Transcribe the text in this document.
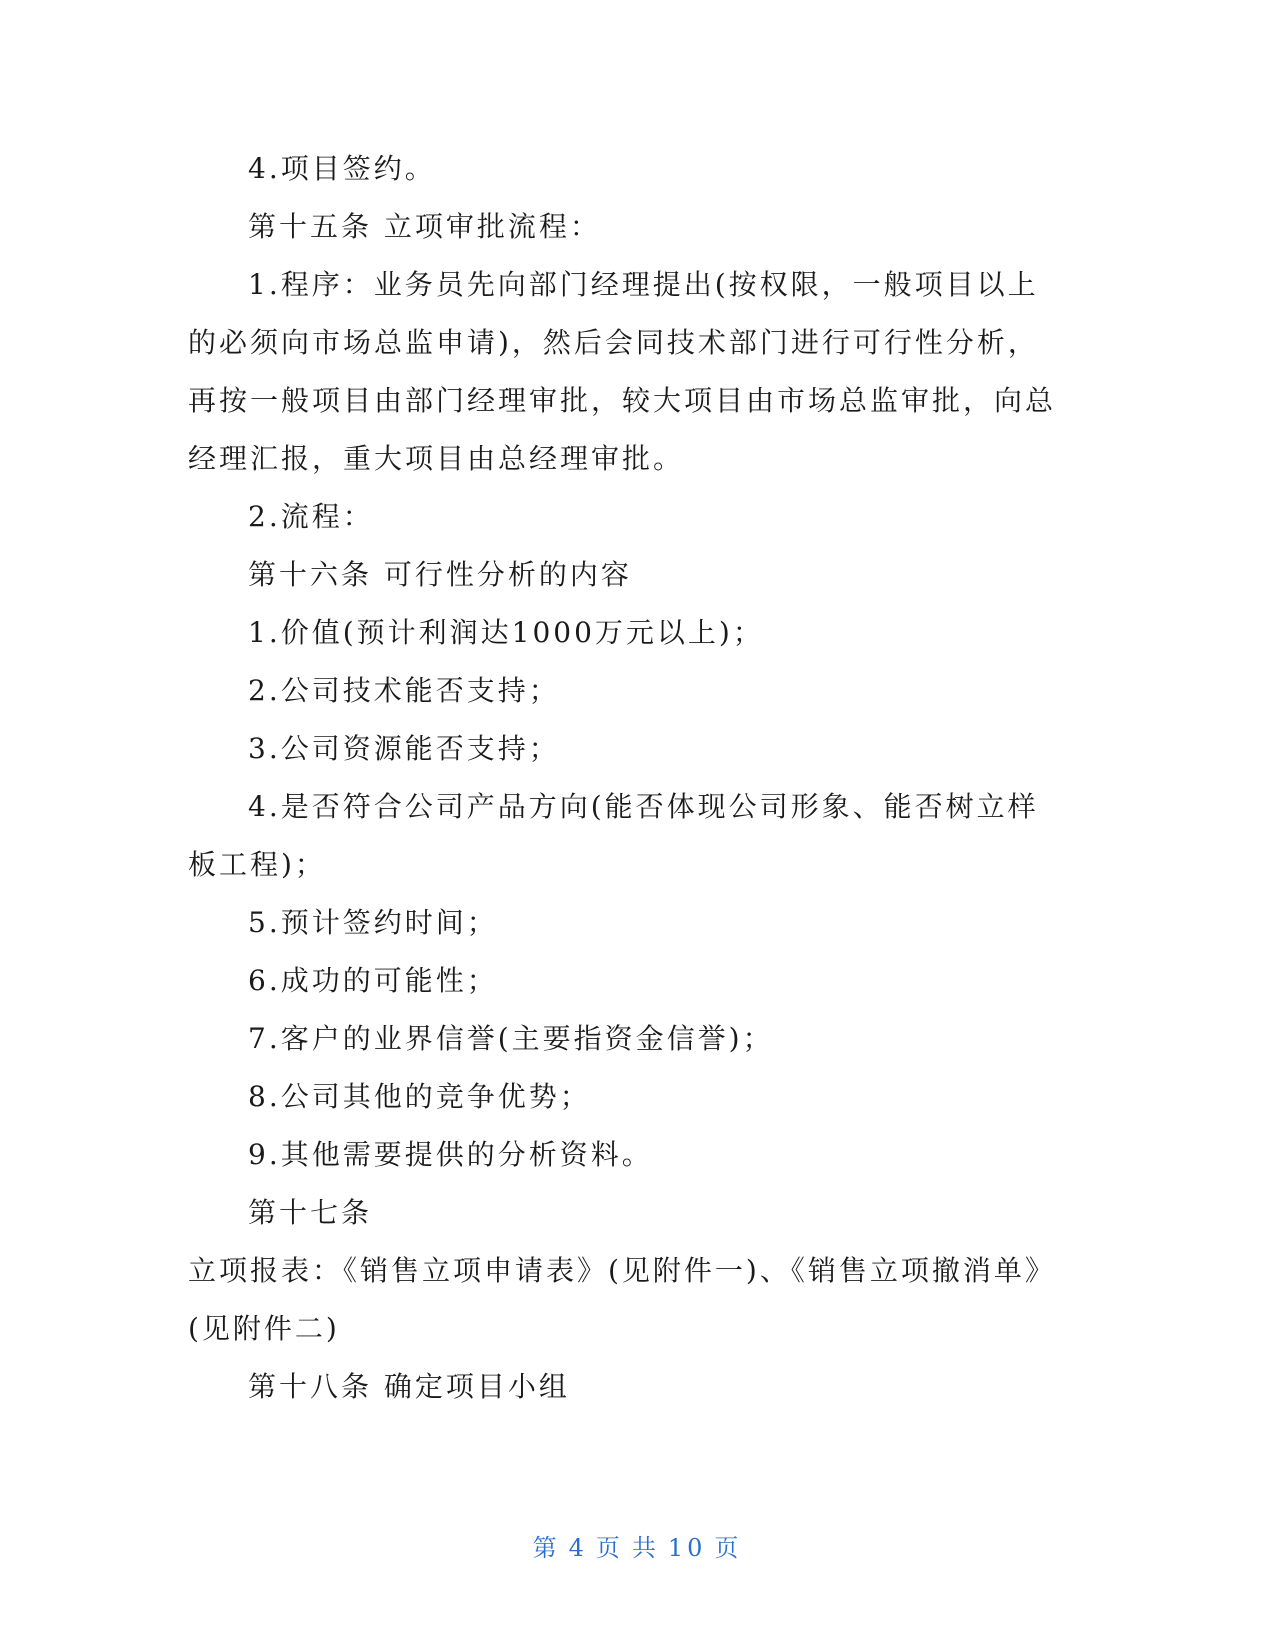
4.项目签约。

第十五条 立项审批流程：

1.程序：业务员先向部门经理提出(按权限，一般项目以上的必须向市场总监申请)，然后会同技术部门进行可行性分析，再按一般项目由部门经理审批，较大项目由市场总监审批，向总经理汇报，重大项目由总经理审批。

2.流程：

第十六条 可行性分析的内容

1.价值(预计利润达1000万元以上)；

2.公司技术能否支持；

3.公司资源能否支持；

4.是否符合公司产品方向(能否体现公司形象、能否树立样板工程)；

5.预计签约时间；

6.成功的可能性；

7.客户的业界信誉(主要指资金信誉)；

8.公司其他的竞争优势；

9.其他需要提供的分析资料。

第十七条

立项报表：《销售立项申请表》(见附件一)、《销售立项撤消单》(见附件二)

第十八条 确定项目小组

第 4 页 共 10 页
